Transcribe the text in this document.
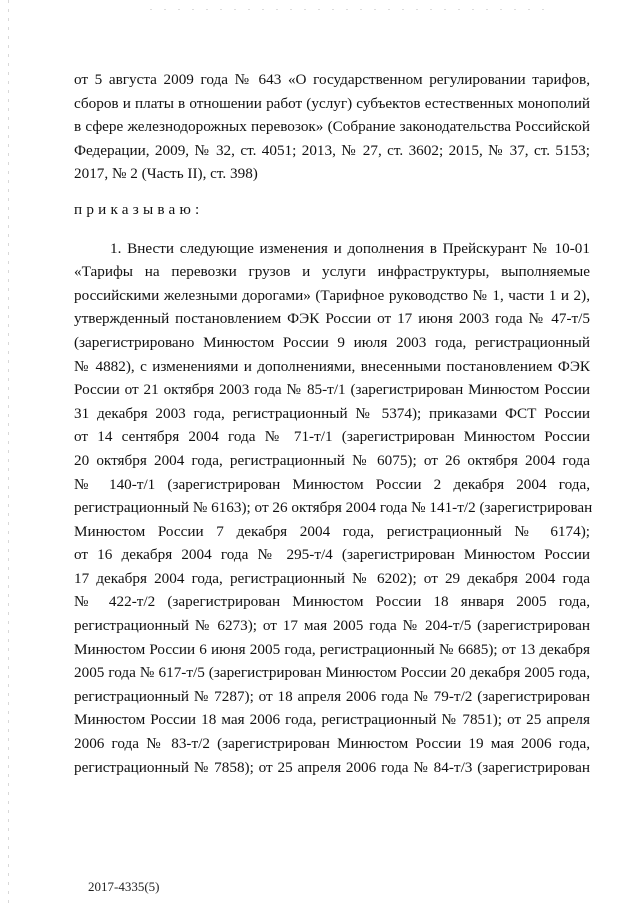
от 5 августа 2009 года № 643 «О государственном регулировании тарифов,
сборов и платы в отношении работ (услуг) субъектов естественных монополий
в сфере железнодорожных перевозок» (Собрание законодательства Российской
Федерации, 2009, № 32, ст. 4051; 2013, № 27, ст. 3602; 2015, № 37, ст. 5153;
2017, № 2 (Часть II), ст. 398)

приказываю:

1. Внести следующие изменения и дополнения в Прейскурант № 10-01
«Тарифы на перевозки грузов и услуги инфраструктуры, выполняемые
российскими железными дорогами» (Тарифное руководство № 1, части 1 и 2),
утвержденный постановлением ФЭК России от 17 июня 2003 года № 47-т/5
(зарегистрировано Минюстом России 9 июля 2003 года, регистрационный
№ 4882), с изменениями и дополнениями, внесенными постановлением ФЭК
России от 21 октября 2003 года № 85-т/1 (зарегистрирован Минюстом России
31 декабря 2003 года, регистрационный № 5374); приказами ФСТ России
от 14 сентября 2004 года № 71-т/1 (зарегистрирован Минюстом России
20 октября 2004 года, регистрационный № 6075); от 26 октября 2004 года
№ 140-т/1 (зарегистрирован Минюстом России 2 декабря 2004 года,
регистрационный № 6163); от 26 октября 2004 года № 141-т/2 (зарегистрирован
Минюстом России 7 декабря 2004 года, регистрационный № 6174);
от 16 декабря 2004 года № 295-т/4 (зарегистрирован Минюстом России
17 декабря 2004 года, регистрационный № 6202); от 29 декабря 2004 года
№ 422-т/2 (зарегистрирован Минюстом России 18 января 2005 года,
регистрационный № 6273); от 17 мая 2005 года № 204-т/5 (зарегистрирован
Минюстом России 6 июня 2005 года, регистрационный № 6685); от 13 декабря
2005 года № 617-т/5 (зарегистрирован Минюстом России 20 декабря 2005 года,
регистрационный № 7287); от 18 апреля 2006 года № 79-т/2 (зарегистрирован
Минюстом России 18 мая 2006 года, регистрационный № 7851); от 25 апреля
2006 года № 83-т/2 (зарегистрирован Минюстом России 19 мая 2006 года,
регистрационный № 7858); от 25 апреля 2006 года № 84-т/3 (зарегистрирован

2017-4335(5)
